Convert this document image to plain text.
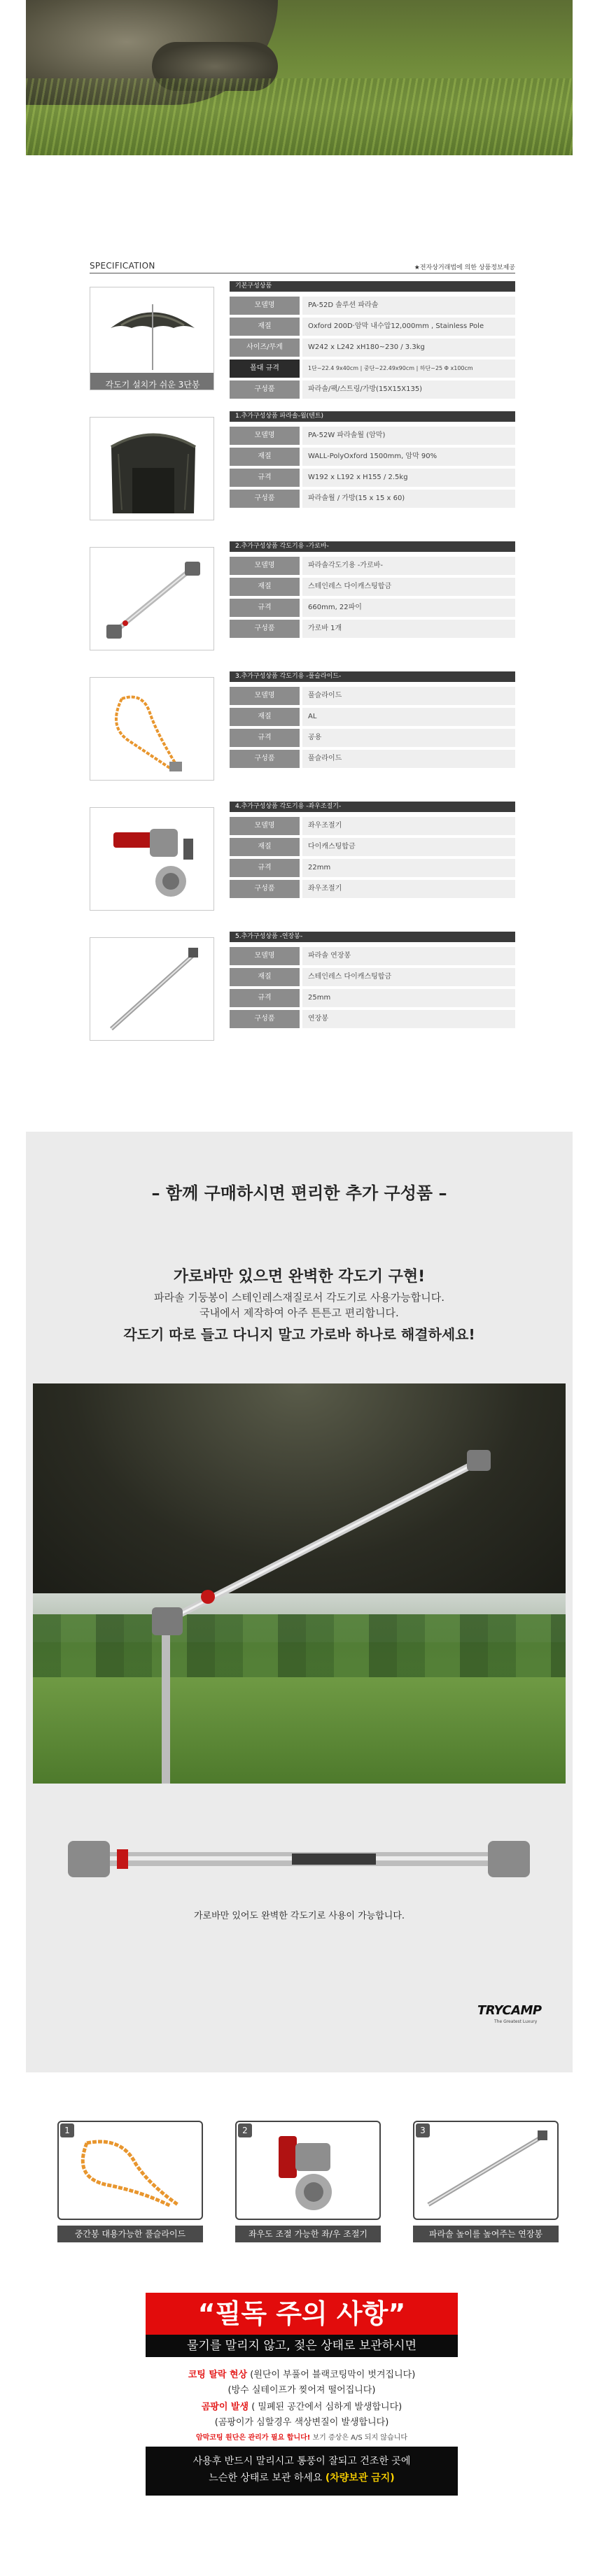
SPECIFICATION	★전자상거래법에 의한 상품정보제공
각도기 설치가 쉬운 3단봉
기본구성상품
모델명	PA-52D 솔루션 파라솔
재질	Oxford 200D·암막 내수압12,000mm , Stainless Pole
사이즈/무게	W242 x L242 xH180~230 / 3.3kg
폴대 규격	1단~22.4 9x40cm | 중단~22.49x90cm | 하단~25 Φ x100cm
구성품	파라솔/팩/스트링/가방(15X15X135)
1.추가구성상품 파라솔-월(텐트)
모델명	PA-52W 파라솔월 (암막)
재질	WALL-PolyOxford 1500mm, 암막 90%
규격	W192 x L192 x H155 / 2.5kg
구성품	파라솔월 / 가방(15 x 15 x 60)
2.추가구성상품 각도기용 -가로바-
모델명	파라솔각도기용 -가로바-
재질	스테인레스 다이캐스팅합금
규격	660mm, 22파이
구성품	가로바 1개
3.추가구성상품 각도기용 -풀슬라이드-
모델명	풀슬라이드
재질	AL
규격	공용
구성품	풀슬라이드
4.추가구성상품 각도기용 -좌우조절기-
모델명	좌우조절기
재질	다이캐스팅합금
규격	22mm
구성품	좌우조절기
5.추가구성상품 -연장봉-
모델명	파라솔 연장봉
재질	스테인레스 다이캐스팅합금
규격	25mm
구성품	연장봉
– 함께 구매하시면 편리한 추가 구성품 –
가로바만 있으면 완벽한 각도기 구현!
파라솔 기둥봉이 스테인레스재질로서 각도기로 사용가능합니다.
국내에서 제작하여 아주 튼튼고 편리합니다.
각도기 따로 들고 다니지 말고 가로바 하나로 해결하세요!
가로바만 있어도 완벽한 각도기로 사용이 가능합니다.
TRYCAMP
The Greatest Luxury
1
중간봉 대용가능한 풀슬라이드
2
좌우도 조절 가능한 좌/우 조절기
3
파라솔 높이를 높여주는 연장봉
“필독 주의 사항”
물기를 말리지 않고, 젖은 상태로 보관하시면
코팅 탈락 현상 (원단이 부풀어 블랙코팅막이 벗겨집니다)
(방수 실테이프가 찢어져 떨어집니다)
곰팡이 발생 ( 밀폐된 공간에서 심하게 발생합니다)
(곰팡이가 심할경우 색상변질이 발생합니다)
암막코팅 원단은 관리가 필요 합니다! 보기 증상은 A/S 되지 않습니다
사용후 반드시 말리시고 통풍이 잘되고 건조한 곳에
느슨한 상태로 보관 하세요 (차량보관 금지)
